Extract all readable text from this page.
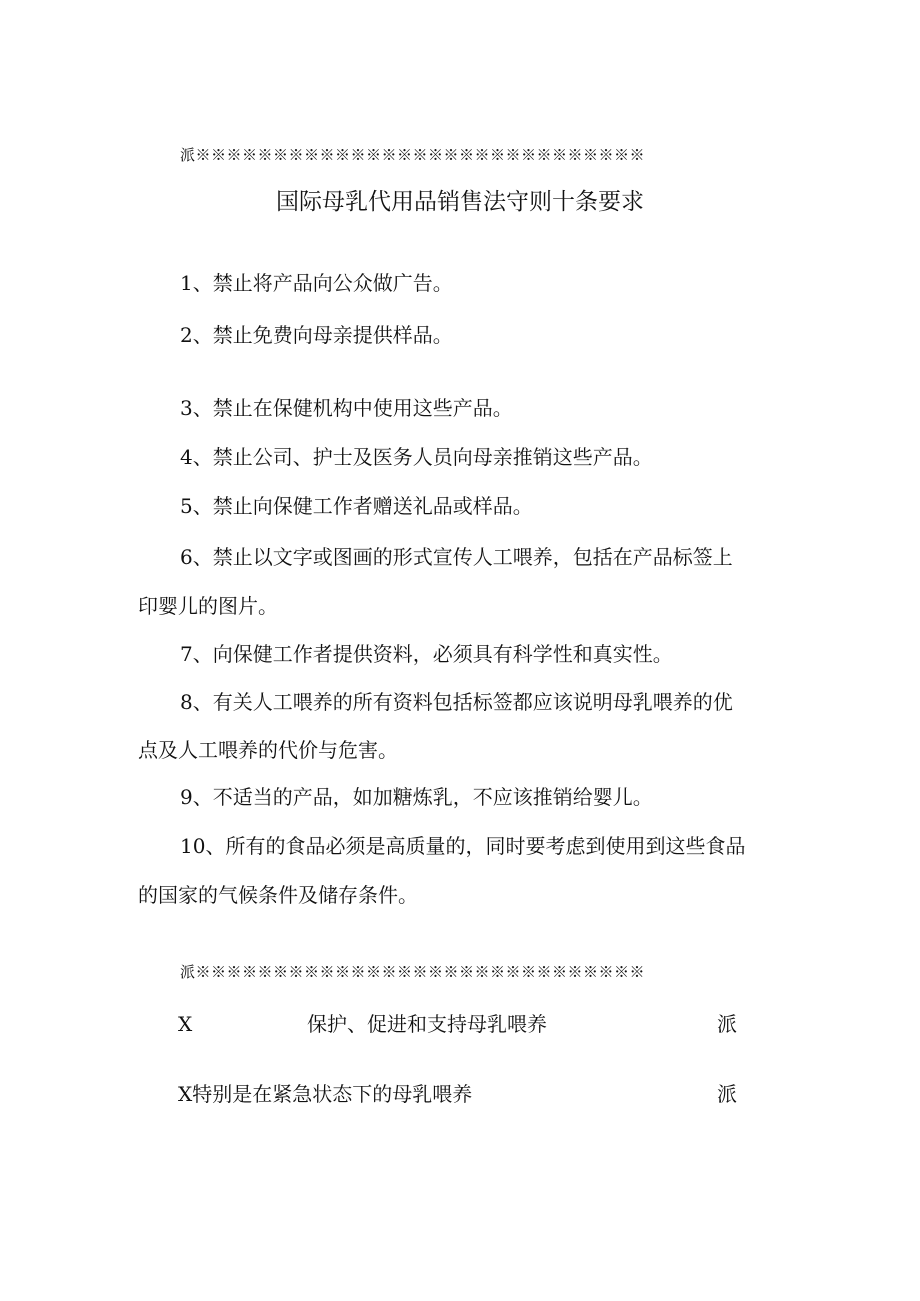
派※※※※※※※※※※※※※※※※※※※※※※※※※※※※※
国际母乳代用品销售法守则十条要求
1、禁止将产品向公众做广告。
2、禁止免费向母亲提供样品。
3、禁止在保健机构中使用这些产品。
4、禁止公司、护士及医务人员向母亲推销这些产品。
5、禁止向保健工作者赠送礼品或样品。
6、禁止以文字或图画的形式宣传人工喂养，包括在产品标签上
印婴儿的图片。
7、向保健工作者提供资料，必须具有科学性和真实性。
8、有关人工喂养的所有资料包括标签都应该说明母乳喂养的优
点及人工喂养的代价与危害。
9、不适当的产品，如加糖炼乳，不应该推销给婴儿。
10、所有的食品必须是高质量的，同时要考虑到使用到这些食品
的国家的气候条件及储存条件。
派※※※※※※※※※※※※※※※※※※※※※※※※※※※※※
X	保护、促进和支持母乳喂养	派
X特别是在紧急状态下的母乳喂养	派
